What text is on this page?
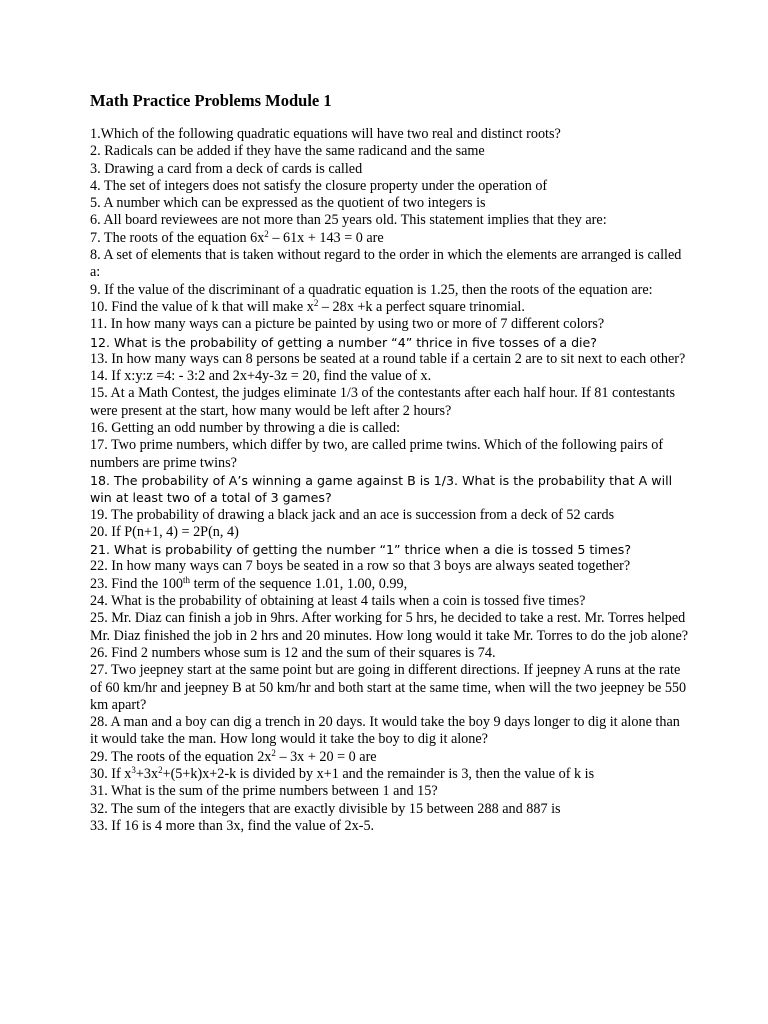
Math Practice Problems Module 1
1.Which of the following quadratic equations will have two real and distinct roots?
2. Radicals can be added if they have the same radicand and the same
3. Drawing a card from a deck of cards is called
4. The set of integers does not satisfy the closure property under the operation of
5. A number which can be expressed as the quotient of two integers is
6. All board reviewees are not more than 25 years old. This statement implies that they are:
7. The roots of the equation $6x^2 - 61x + 143 = 0$ are
8. A set of elements that is taken without regard to the order in which the elements are arranged is called a:
9. If the value of the discriminant of a quadratic equation is 1.25, then the roots of the equation are:
10. Find the value of k that will make $x^2 - 28x +k$ a perfect square trinomial.
11. In how many ways can a picture be painted by using two or more of 7 different colors?
12. What is the probability of getting a number “4” thrice in five tosses of a die?
13. In how many ways can 8 persons be seated at a round table if a certain 2 are to sit next to each other?
14. If x:y:z =4: - 3:2 and 2x+4y-3z = 20, find the value of x.
15. At a Math Contest, the judges eliminate 1/3 of the contestants after each half hour. If 81 contestants were present at the start, how many would be left after 2 hours?
16. Getting an odd number by throwing a die is called:
17. Two prime numbers, which differ by two, are called prime twins. Which of the following pairs of numbers are prime twins?
18. The probability of A’s winning a game against B is 1/3. What is the probability that A will win at least two of a total of 3 games?
19. The probability of drawing a black jack and an ace is succession from a deck of 52 cards
20. If P(n+1, 4) = 2P(n, 4)
21. What is probability of getting the number “1” thrice when a die is tossed 5 times?
22. In how many ways can 7 boys be seated in a row so that 3 boys are always seated together?
23. Find the 100th term of the sequence 1.01, 1.00, 0.99,
24. What is the probability of obtaining at least 4 tails when a coin is tossed five times?
25. Mr. Diaz can finish a job in 9hrs. After working for 5 hrs, he decided to take a rest. Mr. Torres helped Mr. Diaz finished the job in 2 hrs and 20 minutes. How long would it take Mr. Torres to do the job alone?
26. Find 2 numbers whose sum is 12 and the sum of their squares is 74.
27. Two jeepney start at the same point but are going in different directions. If jeepney A runs at the rate of 60 km/hr and jeepney B at 50 km/hr and both start at the same time, when will the two jeepney be 550 km apart?
28. A man and a boy can dig a trench in 20 days. It would take the boy 9 days longer to dig it alone than it would take the man. How long would it take the boy to dig it alone?
29. The roots of the equation $2x^2 - 3x + 20 = 0$ are
30. If $x^3+3x^2+(5+k)x+2-k$ is divided by x+1 and the remainder is 3, then the value of k is
31. What is the sum of the prime numbers between 1 and 15?
32. The sum of the integers that are exactly divisible by 15 between 288 and 887 is
33. If 16 is 4 more than 3x, find the value of 2x-5.
